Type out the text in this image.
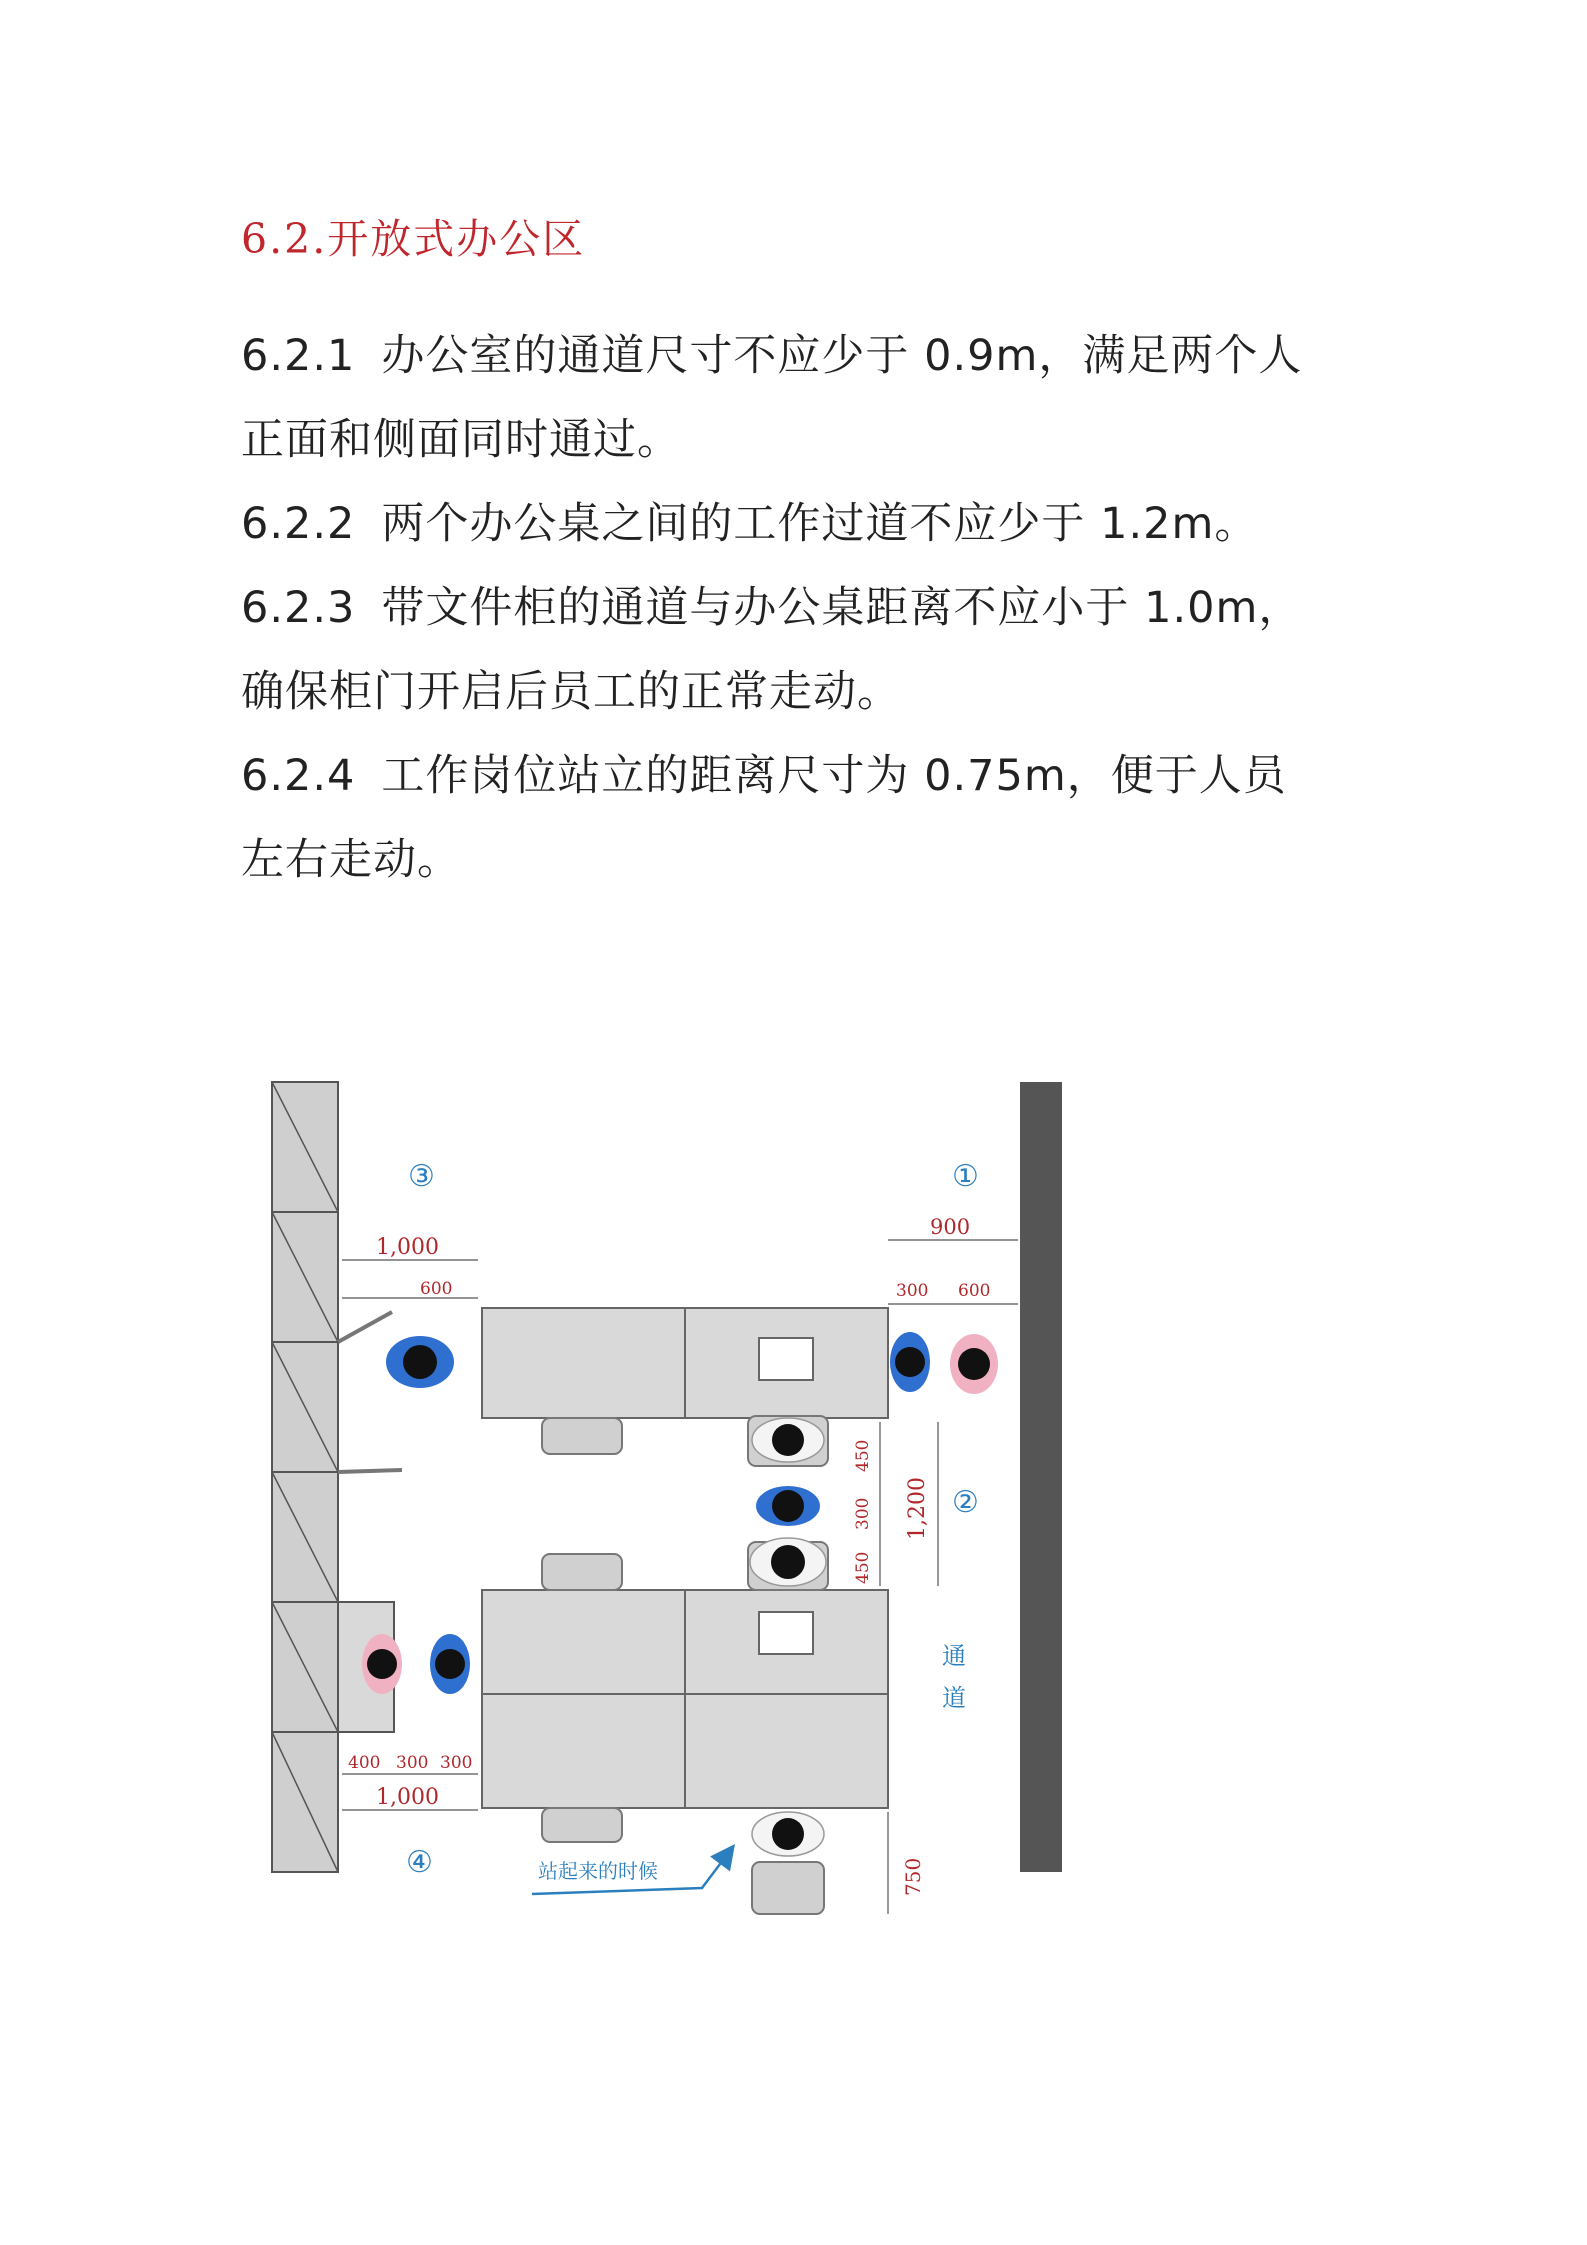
6.2.开放式办公区
6.2.1 办公室的通道尺寸不应少于 0.9m，满足两个人
正面和侧面同时通过。
6.2.2 两个办公桌之间的工作过道不应少于 1.2m。
6.2.3 带文件柜的通道与办公桌距离不应小于 1.0m，
确保柜门开启后员工的正常走动。
6.2.4 工作岗位站立的距离尺寸为 0.75m，便于人员
左右走动。
③	①
②
④
1,000
600
900
300 600
400 300 300
1,000
450
300
450
1,200
750
通
道
站起来的时候
